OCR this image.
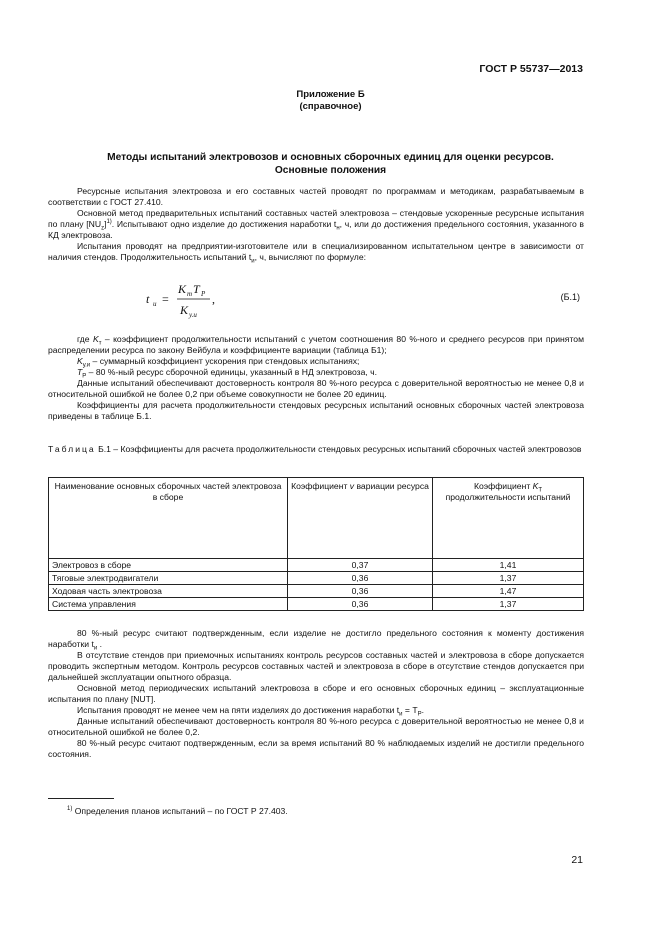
ГОСТ Р 55737—2013
Приложение Б
(справочное)
Методы испытаний электровозов и основных сборочных единиц для оценки ресурсов.
Основные положения

Ресурсные испытания электровоза и его составных частей проводят по программам и методикам, разрабатываемым в соответствии с ГОСТ 27.410.

Основной метод предварительных испытаний составных частей электровоза – стендовые ускоренные ресурсные испытания по плану $[NU_z]^{1)}$. Испытывают одно изделие до достижения наработки $t_н$, ч, или до достижения предельного состояния, указанного в КД электровоза.

Испытания проводят на предприятии-изготовителе или в специализированном испытательном центре в зависимости от наличия стендов. Продолжительность испытаний $t_и$, ч, вычисляют по формуле:

t и =
K т T P
K у.и
,	(Б.1)

где $K_т$ – коэффициент продолжительности испытаний с учетом соотношения 80 %-ного и среднего ресурсов при принятом распределении ресурса по закону Вейбула и коэффициенте вариации (таблица Б1);

$K_{у.и}$ – суммарный коэффициент ускорения при стендовых испытаниях;

$T_Р - 80$ %-ный ресурс сборочной единицы, указанный в НД электровоза, ч.

Данные испытаний обеспечивают достоверность контроля 80 %-ного ресурса с доверительной вероятностью не менее 0,8 и относительной ошибкой не более 0,2 при объеме совокупности не более 20 единиц.

Коэффициенты для расчета продолжительности стендовых ресурсных испытаний основных сборочных частей электровоза приведены в таблице Б.1.

Таблица Б.1 – Коэффициенты для расчета продолжительности стендовых ресурсных испытаний сборочных частей электровозов
Наименование основных сборочных частей электровоза в сборе	Коэффициент v вариации ресурса	Коэффициент $K_T$ продолжительности испытаний
Электровоз в сборе	0,37	1,41
Тяговые электродвигатели	0,36	1,37
Ходовая часть электровоза	0,36	1,47
Система управления	0,36	1,37

80 %-ный ресурс считают подтвержденным, если изделие не достигло предельного состояния к моменту достижения наработки $t_и$ .

В отсутствие стендов при приемочных испытаниях контроль ресурсов составных частей и электровоза в сборе допускается проводить экспертным методом. Контроль ресурсов составных частей и электровоза в сборе в отсутствие стендов допускается при дальнейшей эксплуатации опытного образца.

Основной метод периодических испытаний электровоза в сборе и его основных сборочных единиц – эксплуатационные испытания по плану [NUT].

Испытания проводят не менее чем на пяти изделиях до достижения наработки $t_и = T_Р$.

Данные испытаний обеспечивают достоверность контроля 80 %-ного ресурса с доверительной вероятностью не менее 0,8 и относительной ошибкой не более 0,2.

80 %-ный ресурс считают подтвержденным, если за время испытаний 80 % наблюдаемых изделий не достигли предельного состояния.

$^{1)}$ Определения планов испытаний – по ГОСТ Р 27.403.
21
